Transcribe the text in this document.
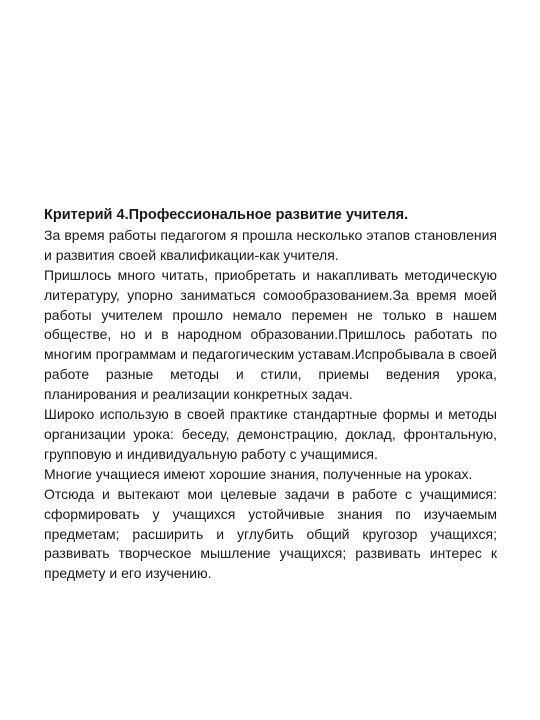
Критерий 4.Профессиональное развитие учителя.

За время работы педагогом я прошла несколько этапов становления и развития своей квалификации-как учителя.

Пришлось много читать, приобретать и накапливать методическую литературу, упорно заниматься сомообразованием.За время моей работы учителем прошло немало перемен не только в нашем обществе, но и в народном образовании.Пришлось работать по многим программам и педагогическим уставам.Испробывала в своей работе разные методы и стили, приемы ведения урока, планирования и реализации конкретных задач.

Широко использую в своей практике стандартные формы и методы организации урока: беседу, демонстрацию, доклад, фронтальную, групповую и индивидуальную работу с учащимися.

Многие учащиеся имеют хорошие знания, полученные на уроках.

Отсюда и вытекают мои целевые задачи в работе с учащимися: сформировать у учащихся устойчивые знания по изучаемым предметам; расширить и углубить общий кругозор учащихся; развивать творческое мышление учащихся; развивать интерес к предмету и его изучению.
